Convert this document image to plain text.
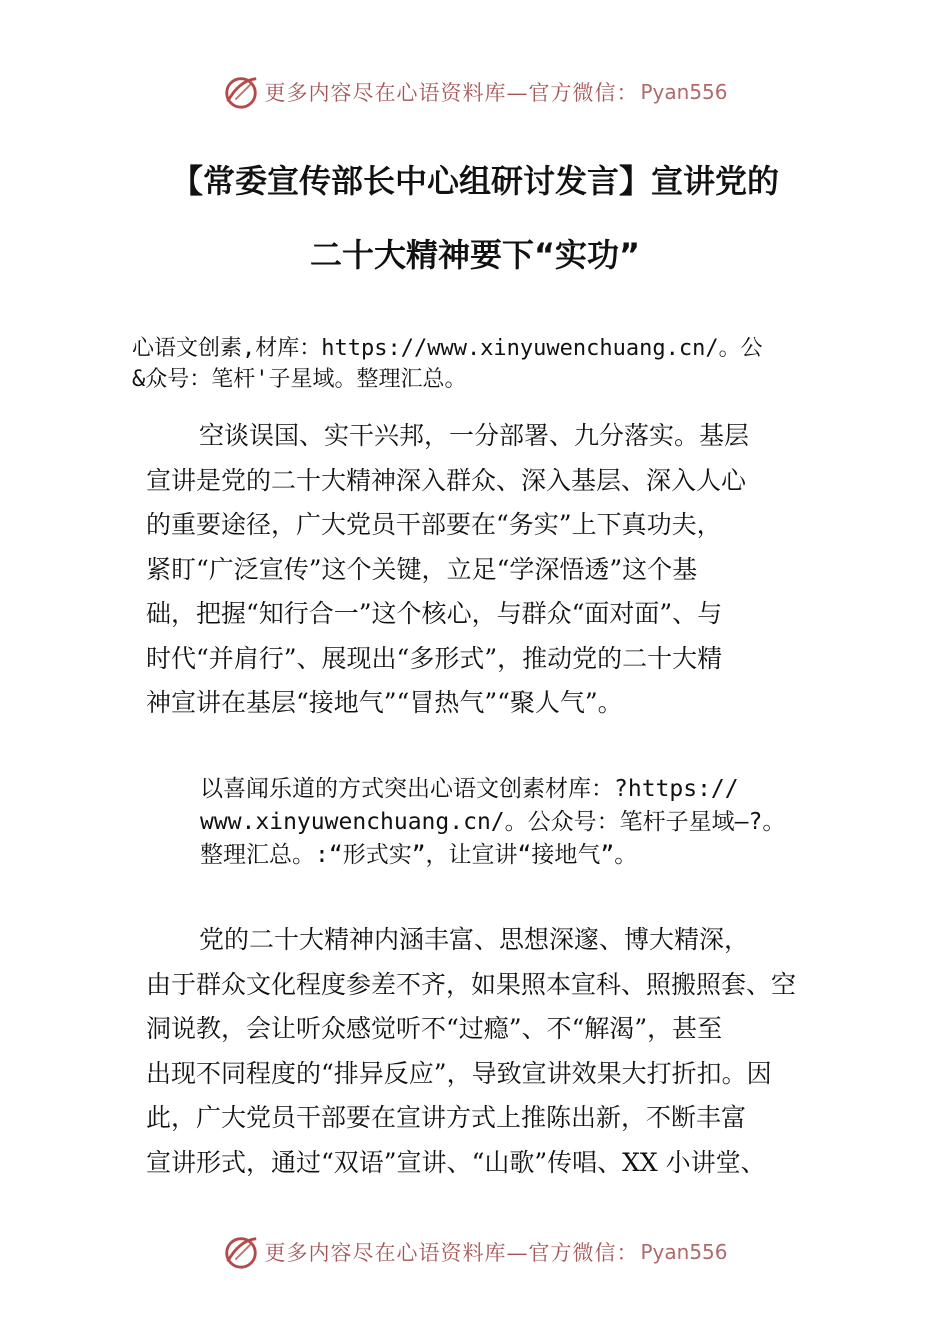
更多内容尽在心语资料库—官方微信： Pyan556
【常委宣传部长中心组研讨发言】宣讲党的
二十大精神要下“实功”
心语文创素,材库：https://www.xinyuwenchuang.cn/。公
&众号：笔杆'子星域。整理汇总。
空谈误国、实干兴邦，一分部署、九分落实。基层
宣讲是党的二十大精神深入群众、深入基层、深入人心
的重要途径，广大党员干部要在“务实”上下真功夫，
紧盯“广泛宣传”这个关键，立足“学深悟透”这个基
础，把握“知行合一”这个核心，与群众“面对面”、与
时代“并肩行”、展现出“多形式”，推动党的二十大精
神宣讲在基层“接地气”“冒热气”“聚人气”。
以喜闻乐道的方式突出心语文创素材库：?https://
www.xinyuwenchuang.cn/。公众号：笔杆子星域—?。
整理汇总。:“形式实”，让宣讲“接地气”。
党的二十大精神内涵丰富、思想深邃、博大精深，
由于群众文化程度参差不齐，如果照本宣科、照搬照套、空
洞说教，会让听众感觉听不“过瘾”、不“解渴”，甚至
出现不同程度的“排异反应”，导致宣讲效果大打折扣。因
此，广大党员干部要在宣讲方式上推陈出新，不断丰富
宣讲形式，通过“双语”宣讲、“山歌”传唱、XX 小讲堂、
更多内容尽在心语资料库—官方微信： Pyan556
